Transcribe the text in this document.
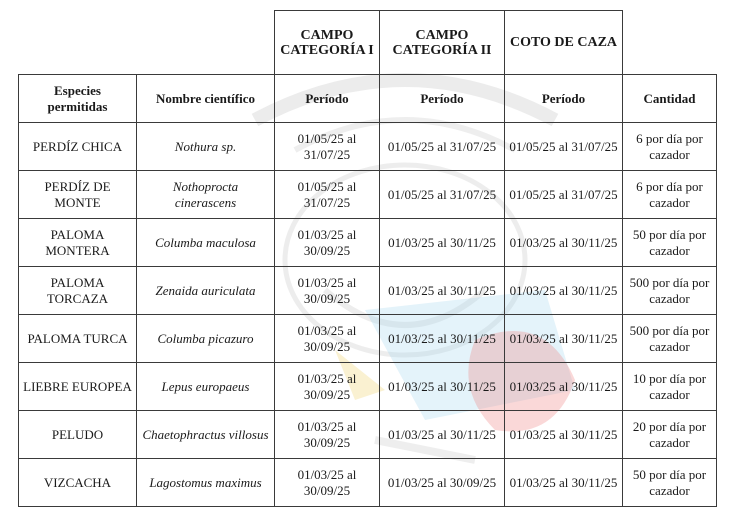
		CAMPO CATEGORÍA I	CAMPO CATEGORÍA II	COTO DE CAZA	
Especies permitidas	Nombre científico	Período	Período	Período	Cantidad
PERDÍZ CHICA	Nothura sp.	01/05/25 al 31/07/25	01/05/25 al 31/07/25	01/05/25 al 31/07/25	6 por día por cazador
PERDÍZ DE MONTE	Nothoprocta cinerascens	01/05/25 al 31/07/25	01/05/25 al 31/07/25	01/05/25 al 31/07/25	6 por día por cazador
PALOMA MONTERA	Columba maculosa	01/03/25 al 30/09/25	01/03/25 al 30/11/25	01/03/25 al 30/11/25	50 por día por cazador
PALOMA TORCAZA	Zenaida auriculata	01/03/25 al 30/09/25	01/03/25 al 30/11/25	01/03/25 al 30/11/25	500 por día por cazador
PALOMA TURCA	Columba picazuro	01/03/25 al 30/09/25	01/03/25 al 30/11/25	01/03/25 al 30/11/25	500 por día por cazador
LIEBRE EUROPEA	Lepus europaeus	01/03/25 al 30/09/25	01/03/25 al 30/11/25	01/03/25 al 30/11/25	10 por día por cazador
PELUDO	Chaetophractus villosus	01/03/25 al 30/09/25	01/03/25 al 30/11/25	01/03/25 al 30/11/25	20 por día por cazador
VIZCACHA	Lagostomus maximus	01/03/25 al 30/09/25	01/03/25 al 30/09/25	01/03/25 al 30/11/25	50 por día por cazador
